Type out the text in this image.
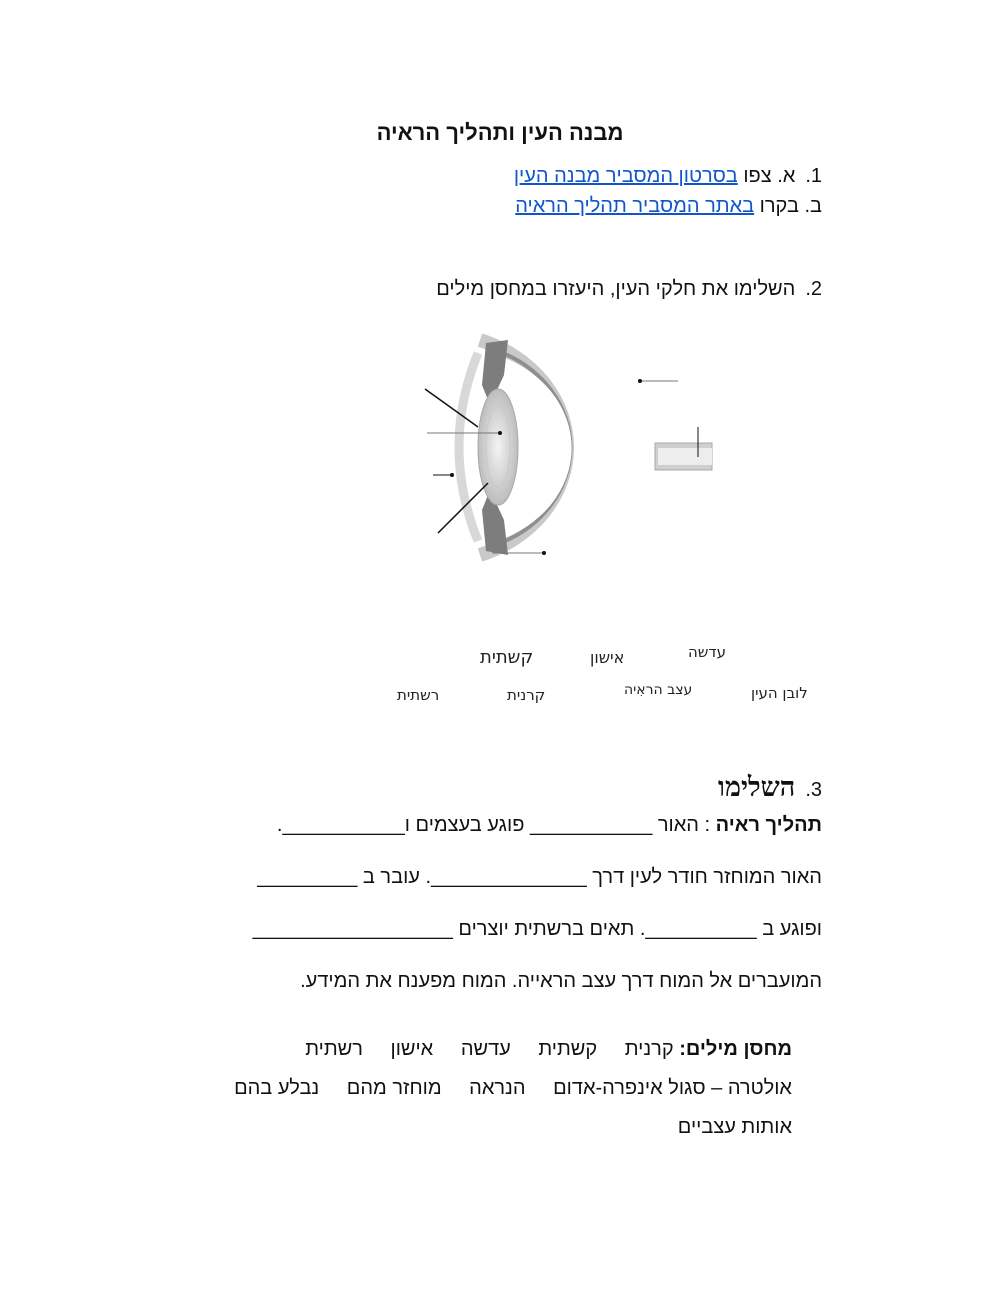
מבנה העין ותהליך הראיה
1.א. צפו בסרטון המסביר מבנה העין
ב. בקרו באתר המסביר תהליך הראיה
2.השלימו את חלקי העין, היעזרו במחסן מילים
קשתית	אישון	עדשה
רשתית	קרנית	עצב הראִיה	לובן העין
3.השלימו
תהליך ראיה : האור ___________ פוגע בעצמים ו___________.
האור המוחזר חודר לעין דרך ______________. עובר ב _________
ופוגע ב __________. תאים ברשתית יוצרים __________________
המועברים אל המוח דרך עצב הראייה. המוח מפענח את המידע.
מחסן מילים: קרנית קשתית עדשה אישון רשתית
אולטרה – סגול אינפרה-אדום הנראה מוחזר מהם נבלע בהם
אותות עצביים
